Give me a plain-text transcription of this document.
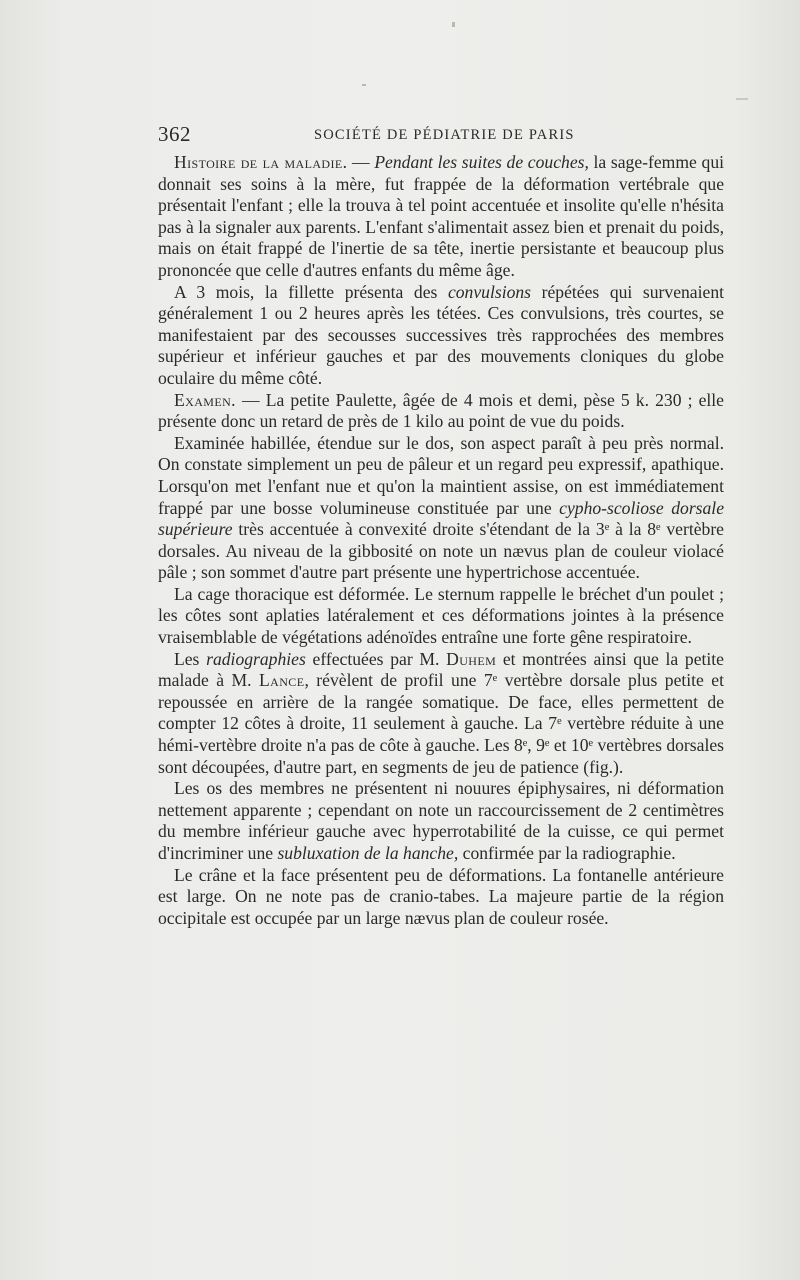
362	SOCIÉTÉ DE PÉDIATRIE DE PARIS

Histoire de la maladie. — Pendant les suites de couches, la sage-femme qui donnait ses soins à la mère, fut frappée de la déformation vertébrale que présentait l'enfant ; elle la trouva à tel point accentuée et insolite qu'elle n'hésita pas à la signaler aux parents. L'enfant s'alimentait assez bien et prenait du poids, mais on était frappé de l'inertie de sa tête, inertie persistante et beaucoup plus prononcée que celle d'autres enfants du même âge.

A 3 mois, la fillette présenta des convulsions répétées qui survenaient généralement 1 ou 2 heures après les tétées. Ces convulsions, très courtes, se manifestaient par des secousses successives très rapprochées des membres supérieur et inférieur gauches et par des mouvements cloniques du globe oculaire du même côté.

Examen. — La petite Paulette, âgée de 4 mois et demi, pèse 5 k. 230 ; elle présente donc un retard de près de 1 kilo au point de vue du poids.

Examinée habillée, étendue sur le dos, son aspect paraît à peu près normal. On constate simplement un peu de pâleur et un regard peu expressif, apathique. Lorsqu'on met l'enfant nue et qu'on la maintient assise, on est immédiatement frappé par une bosse volumineuse constituée par une cypho-scoliose dorsale supérieure très accentuée à convexité droite s'étendant de la 3ᵉ à la 8ᵉ vertèbre dorsales. Au niveau de la gibbosité on note un nævus plan de couleur violacé pâle ; son sommet d'autre part présente une hypertrichose accentuée.

La cage thoracique est déformée. Le sternum rappelle le bréchet d'un poulet ; les côtes sont aplaties latéralement et ces déformations jointes à la présence vraisemblable de végétations adénoïdes entraîne une forte gêne respiratoire.

Les radiographies effectuées par M. Duhem et montrées ainsi que la petite malade à M. Lance, révèlent de profil une 7ᵉ vertèbre dorsale plus petite et repoussée en arrière de la rangée somatique. De face, elles permettent de compter 12 côtes à droite, 11 seulement à gauche. La 7ᵉ vertèbre réduite à une hémi-vertèbre droite n'a pas de côte à gauche. Les 8ᵉ, 9ᵉ et 10ᵉ vertèbres dorsales sont découpées, d'autre part, en segments de jeu de patience (fig.).

Les os des membres ne présentent ni nouures épiphysaires, ni déformation nettement apparente ; cependant on note un raccourcissement de 2 centimètres du membre inférieur gauche avec hyperrotabilité de la cuisse, ce qui permet d'incriminer une subluxation de la hanche, confirmée par la radiographie.

Le crâne et la face présentent peu de déformations. La fontanelle antérieure est large. On ne note pas de cranio-tabes. La majeure partie de la région occipitale est occupée par un large nævus plan de couleur rosée.
